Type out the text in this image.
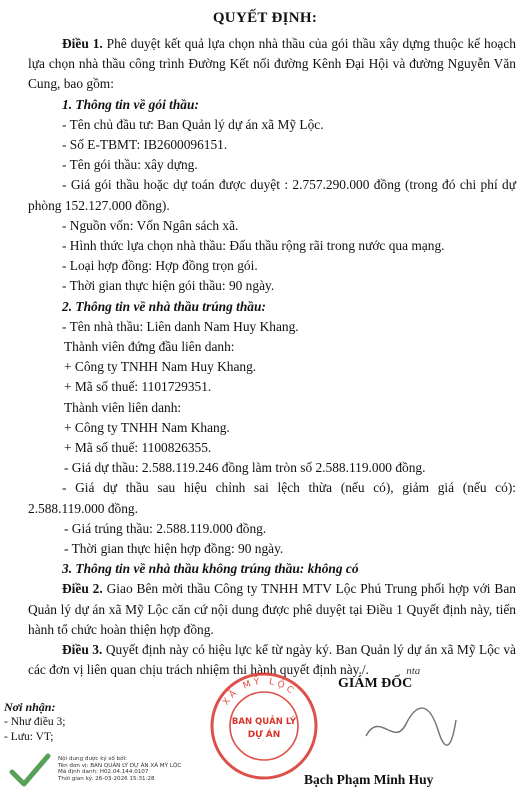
QUYẾT ĐỊNH:

Điều 1. Phê duyệt kết quả lựa chọn nhà thầu của gói thầu xây dựng thuộc kế hoạch lựa chọn nhà thầu công trình Đường Kết nối đường Kênh Đại Hội và đường Nguyễn Văn Cung, bao gồm:

1. Thông tin về gói thầu:

- Tên chủ đầu tư: Ban Quản lý dự án xã Mỹ Lộc.

- Số E-TBMT: IB2600096151.

- Tên gói thầu: xây dựng.

- Giá gói thầu hoặc dự toán được duyệt : 2.757.290.000 đồng (trong đó chi phí dự phòng 152.127.000 đồng).

- Nguồn vốn: Vốn Ngân sách xã.

- Hình thức lựa chọn nhà thầu: Đấu thầu rộng rãi trong nước qua mạng.

- Loại hợp đồng: Hợp đồng trọn gói.

- Thời gian thực hiện gói thầu: 90 ngày.

2. Thông tin về nhà thầu trúng thầu:

- Tên nhà thầu: Liên danh Nam Huy Khang.

Thành viên đứng đầu liên danh:

+ Công ty TNHH Nam Huy Khang.

+ Mã số thuế: 1101729351.

Thành viên liên danh:

+ Công ty TNHH Nam Khang.

+ Mã số thuế: 1100826355.

- Giá dự thầu: 2.588.119.246 đồng làm tròn số 2.588.119.000 đồng.

- Giá dự thầu sau hiệu chỉnh sai lệch thừa (nếu có), giảm giá (nếu có): 2.588.119.000 đồng.

- Giá trúng thầu: 2.588.119.000 đồng.

- Thời gian thực hiện hợp đồng: 90 ngày.

3. Thông tin về nhà thầu không trúng thầu: không có

Điều 2. Giao Bên mời thầu Công ty TNHH MTV Lộc Phú Trung phối hợp với Ban Quản lý dự án xã Mỹ Lộc căn cứ nội dung được phê duyệt tại Điều 1 Quyết định này, tiến hành tổ chức hoàn thiện hợp đồng.

Điều 3. Quyết định này có hiệu lực kể từ ngày ký. Ban Quản lý dự án xã Mỹ Lộc và các đơn vị liên quan chịu trách nhiệm thi hành quyết định này./.	nta

Nơi nhận:
- Như điều 3;
- Lưu: VT;
Nội dung được ký số bởi:
Tên đơn vị: BAN QUẢN LÝ DỰ ÁN XÃ MỸ LỘC
Mã định danh: H02.04.144.0107
Thời gian ký: 26-03-2026 15:31:28
XÃ MỸ LỘC
BAN QUẢN LÝ
DỰ ÁN
GIÁM ĐỐC
Bạch Phạm Minh Huy
